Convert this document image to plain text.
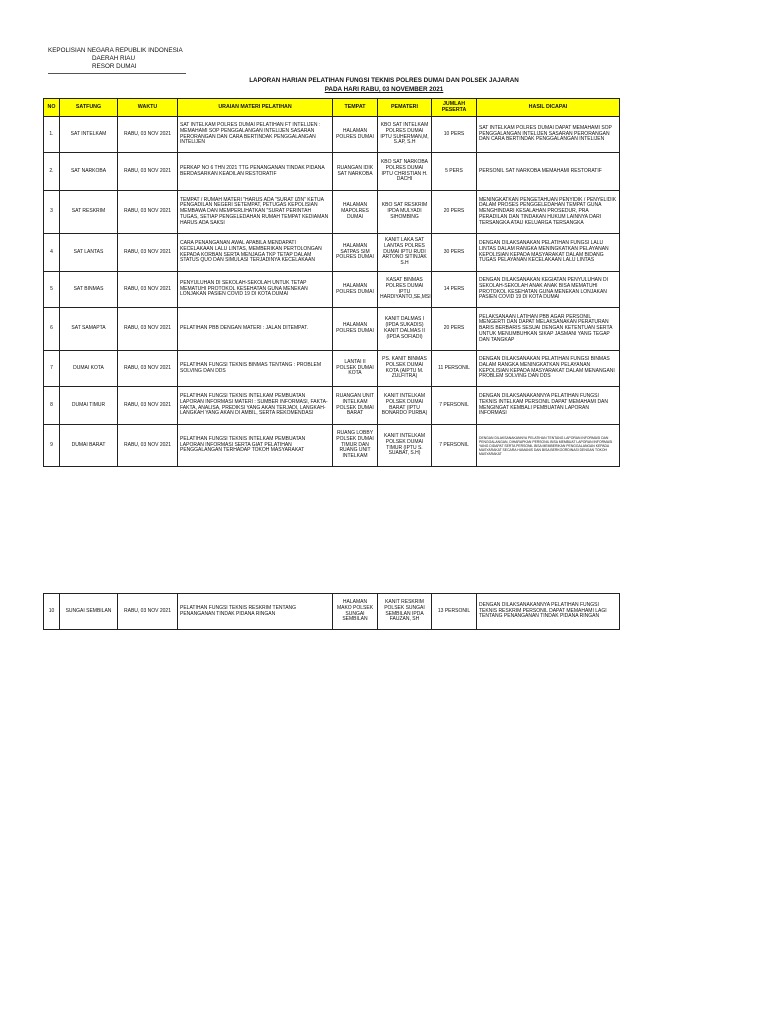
KEPOLISIAN NEGARA REPUBLIK INDONESIA
DAERAH RIAU
RESOR DUMAI
LAPORAN HARIAN PELATIHAN FUNGSI TEKNIS POLRES DUMAI DAN POLSEK JAJARAN
PADA HARI RABU, 03 NOVEMBER 2021
NO	SATFUNG	WAKTU	URAIAN MATERI PELATIHAN	TEMPAT	PEMATERI	JUMLAH PESERTA	HASIL DICAPAI
1.	SAT INTELKAM	RABU, 03 NOV 2021	SAT INTELKAM POLRES DUMAI PELATIHAN FT INTELIJEN : MEMAHAMI SOP PENGGALANGAN INTELIJEN SASARAN PERORANGAN DAN CARA BERTINDAK PENGGALANGAN INTELIJEN	HALAMAN POLRES DUMAI	KBO SAT INTELKAM POLRES DUMAI IPTU SUHERMAN,M, S.AP, S.H	10 PERS	SAT INTELKAM POLRES DUMAI DAPAT MEMAHAMI SOP PENGGALANGAN INTELIJEN SASARAN PERORANGAN DAN CARA BERTINDAK PENGGALANGAN INTELIJEN
2.	SAT NARKOBA	RABU, 03 NOV 2021	PERKAP NO 6 THN 2021 TTG PENANGANAN TINDAK PIDANA BERDASARKAN KEADILAN RESTORATIF	RUANGAN IDIK SAT NARKOBA	KBO SAT NARKOBA POLRES DUMAI IPTU CHRISTIAN H. DACHI	5 PERS	PERSONIL SAT NARKOBA MEMAHAMI RESTORATIF
3	SAT RESKRIM	RABU, 03 NOV 2021	TEMPAT / RUMAH MATERI "HARUS ADA "SURAT IZIN" KETUA PENGADILAN NEGERI SETEMPAT, PETUGAS KEPOLISIAN MEMBAWA DAN MEMPERLIHATKAN "SURAT PERINTAH TUGAS, SETIAP PENGELEDAHAN RUMAH TEMPAT KEDIAMAN HARUS ADA SAKSI	HALAMAN MAPOLRES DUMAI	KBO SAT RESKRIM IPDA MULYADI SIHOMBING	20 PERS	MENINGKATKAN PENGETAHUAN PENYIDIK / PENYELIDIK DALAM PROSES PENGGELEDAHAN TEMPAT GUNA MENGHINDARI KESALAHAN PROSEDUR, PRA PERADILAN DAN TINDAKAN HUKUM LAINNYA DARI TERSANGKA ATAU KELUARGA TERSANGKA
4	SAT LANTAS	RABU, 03 NOV 2021	CARA PENANGANAN AWAL APABILA MENDAPATI KECELAKAAN LALU LINTAS, MEMBERIKAN PERTOLONGAN KEPADA KORBAN SERTA MENJAGA TKP TETAP DALAM STATUS QUO DAN SIMULASI TERJADINYA KECELAKAAN	HALAMAN SATPAS SIM POLRES DUMAI	KANIT LAKA SAT LANTAS POLRES DUMAI IPTU RUDI ARTONO SITINJAK S.H	30 PERS	DENGAN DILAKSANAKAN PELATIHAN FUNGSI LALU LINTAS DALAM RANGKA MENINGKATKAN PELAYANAN KEPOLISIAN KEPADA MASYARAKAT DALAM BIDANG TUGAS PELAYANAN KECELAKAAN LALU LINTAS
5	SAT BINMAS	RABU, 03 NOV 2021	PENYULUHAN DI SEKOLAH-SEKOLAH UNTUK TETAP MEMATUHI PROTOKOL KESEHATAN GUNA MENEKAN LONJAKAN PASIEN COVID 19 DI KOTA DUMAI	HALAMAN POLRES DUMAI	KASAT BINMAS POLRES DUMAI IPTU HARDIYANTO,SE,MSI	14 PERS	DENGAN DILAKSANAKAN KEGIATAN PENYULUHAN DI SEKOLAH-SEKOLAH ANAK ANAK BISA MEMATUHI PROTOKOL KESEHATAN GUNA MENEKAN LONJAKAN PASIEN COVID 19 DI KOTA DUMAI
6	SAT SAMAPTA	RABU, 03 NOV 2021	PELATIHAN PBB DENGAN MATERI : JALAN DITEMPAT.	HALAMAN POLRES DUMAI	KANIT DALMAS I (IPDA SUKADIS) KANIT DALMAS II (IPDA SOFIADI)	20 PERS	PELAKSANAAN LATIHAN PBB AGAR PERSONIL MENGERTI DAN DAPAT MELAKSANAKAN PERATURAN BARIS BERBARIS SESUAI DENGAN KETENTUAN SERTA UNTUK MENUMBUHKAN SIKAP JASMANI YANG TEGAP DAN TANGKAP
7	DUMAI KOTA	RABU, 03 NOV 2021	PELATIHAN FUNGSI TEKNIS BINMAS TENTANG : PROBLEM SOLVING DAN DDS	LANTAI II POLSEK DUMAI KOTA	PS. KANIT BINMAS POLSEK DUMAI KOTA (AIPTU M. ZULFITRA)	11 PERSONIL	DENGAN DILAKSANAKAN PELATIHAN FUNGSI BINMAS DALAM RANGKA MENINGKATKAN PELAYANAN KEPOLISIAN KEPADA MASYARAKAT DALAM MENANGANI PROBLEM SOLVING DAN DDS
8	DUMAI TIMUR	RABU, 03 NOV 2021	PELATIHAN FUNGSI TEKNIS INTELKAM PEMBUATAN LAPORAN INFORMASI MATERI : SUMBER INFORMASI, FAKTA-FAKTA, ANALISA, PREDIKSI YANG AKAN TERJADI, LANGKAH-LANGKAH YANG AKAN DI AMBIL, SERTA REKOMENDASI	RUANGAN UNIT INTELKAM POLSEK DUMAI BARAT	KANIT INTELKAM POLSEK DUMAI BARAT (IPTU BONARDO PURBA)	7 PERSONIL	DENGAN DILAKSANAKANNYA PELATIHAN FUNGSI TEKNIS INTELKAM PERSONIL DAPAT MEMAHAMI DAN MENGINGAT KEMBALI PEMBUATAN LAPORAN INFORMASI
9	DUMAI BARAT	RABU, 03 NOV 2021	PELATIHAN FUNGSI TEKNIS INTELKAM PEMBUATAN LAPORAN INFORMASI SERTA GIAT PELATIHAN PENGGALANGAN TERHADAP TOKOH MASYARAKAT	RUANG LOBBY POLSEK DUMAI TIMUR DAN RUANG UNIT INTELKAM	KANIT INTELKAM POLSEK DUMAI TIMUR (IPTU S. SUABAT, S.H)	7 PERSONIL	DENGAN DILAKSANAKANNYA PELATIHAN TENTANG LAPORAN INFORMASI DAN PENGGALANGAN, DIHARAPKAN PERSONIL BISA MEMBUAT LAPORAN INFORMASI YANG DIDAPAT SERTA PERSONIL BISA MEMBERIKAN PENGGALANGAN KEPADA MASYARAKAT SECARA HUMANIS DAN BISA BERKOORDINASI DENGAN TOKOH MASYARAKAT
10	SUNGAI SEMBILAN	RABU, 03 NOV 2021	PELATIHAN FUNGSI TEKNIS RESKRIM TENTANG PENANGANAN TINDAK PIDANA RINGAN	HALAMAN MAKO POLSEK SUNGAI SEMBILAN	KANIT RESKRIM POLSEK SUNGAI SEMBILAN IPDA FAUZAN, SH	13 PERSONIL	DENGAN DILAKSANAKANNYA PELATIHAN FUNGSI TEKNIS RESKRIM PERSONIL DAPAT MEMAHAMI LAGI TENTANG PENANGANAN TINDAK PIDANA RINGAN
